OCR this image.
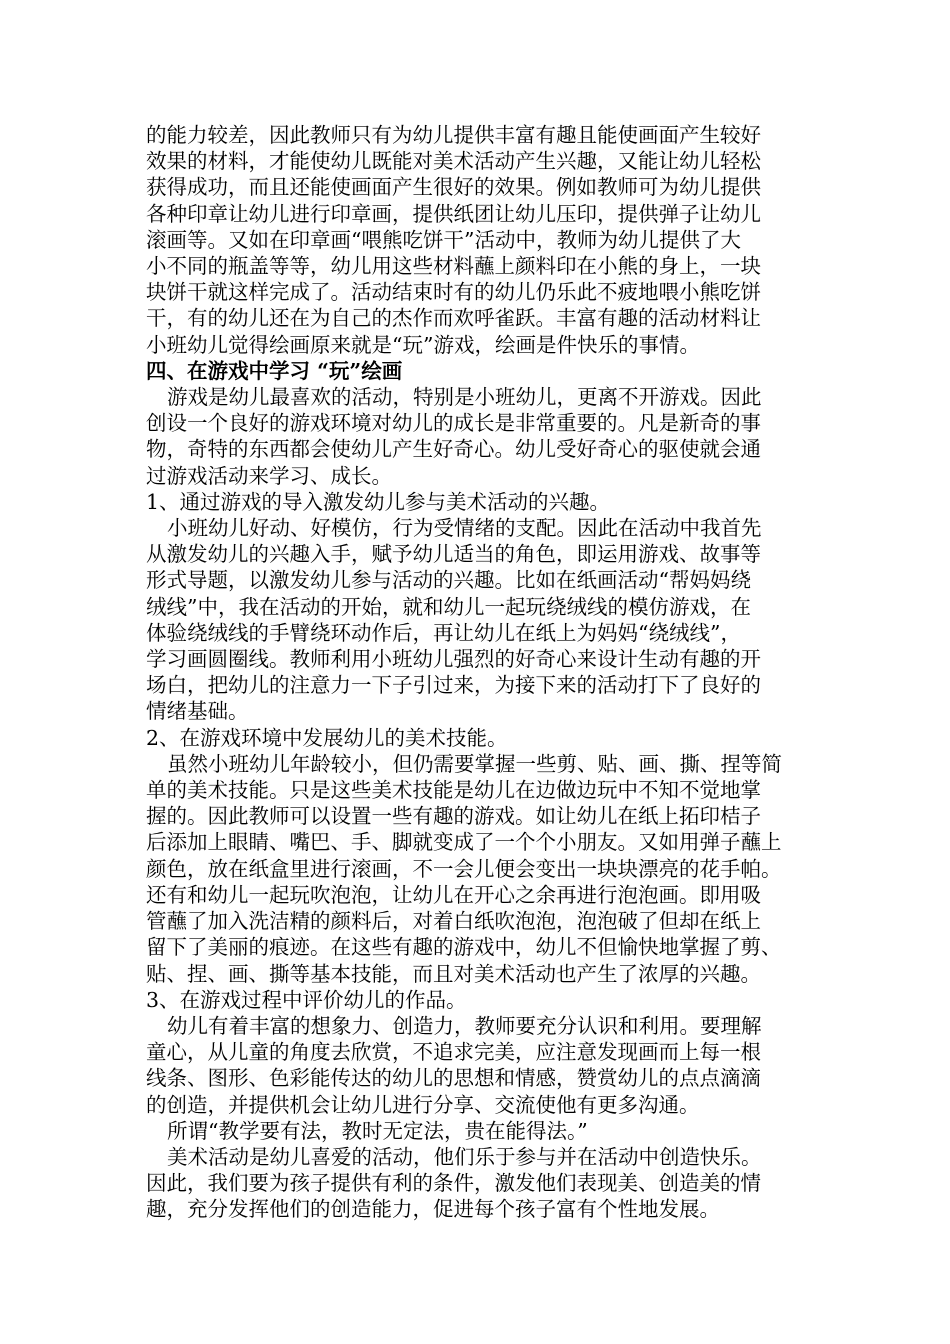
的能力较差，因此教师只有为幼儿提供丰富有趣且能使画面产生较好

效果的材料，才能使幼儿既能对美术活动产生兴趣，又能让幼儿轻松

获得成功，而且还能使画面产生很好的效果。例如教师可为幼儿提供

各种印章让幼儿进行印章画，提供纸团让幼儿压印，提供弹子让幼儿

滚画等。又如在印章画“喂熊吃饼干”活动中，教师为幼儿提供了大

小不同的瓶盖等等，幼儿用这些材料蘸上颜料印在小熊的身上，一块

块饼干就这样完成了。活动结束时有的幼儿仍乐此不疲地喂小熊吃饼

干，有的幼儿还在为自己的杰作而欢呼雀跃。丰富有趣的活动材料让

小班幼儿觉得绘画原来就是“玩”游戏，绘画是件快乐的事情。

四、在游戏中学习 “玩”绘画

游戏是幼儿最喜欢的活动，特别是小班幼儿，更离不开游戏。因此

创设一个良好的游戏环境对幼儿的成长是非常重要的。凡是新奇的事

物，奇特的东西都会使幼儿产生好奇心。幼儿受好奇心的驱使就会通

过游戏活动来学习、成长。

1、通过游戏的导入激发幼儿参与美术活动的兴趣。

小班幼儿好动、好模仿，行为受情绪的支配。因此在活动中我首先

从激发幼儿的兴趣入手，赋予幼儿适当的角色，即运用游戏、故事等

形式导题，以激发幼儿参与活动的兴趣。比如在纸画活动“帮妈妈绕

绒线”中，我在活动的开始，就和幼儿一起玩绕绒线的模仿游戏，在

体验绕绒线的手臂绕环动作后，再让幼儿在纸上为妈妈“绕绒线”，

学习画圆圈线。教师利用小班幼儿强烈的好奇心来设计生动有趣的开

场白，把幼儿的注意力一下子引过来，为接下来的活动打下了良好的

情绪基础。

2、在游戏环境中发展幼儿的美术技能。

虽然小班幼儿年龄较小，但仍需要掌握一些剪、贴、画、撕、捏等简

单的美术技能。只是这些美术技能是幼儿在边做边玩中不知不觉地掌

握的。因此教师可以设置一些有趣的游戏。如让幼儿在纸上拓印桔子

后添加上眼睛、嘴巴、手、脚就变成了一个个小朋友。又如用弹子蘸上

颜色，放在纸盒里进行滚画，不一会儿便会变出一块块漂亮的花手帕。

还有和幼儿一起玩吹泡泡，让幼儿在开心之余再进行泡泡画。即用吸

管蘸了加入洗洁精的颜料后，对着白纸吹泡泡，泡泡破了但却在纸上

留下了美丽的痕迹。在这些有趣的游戏中，幼儿不但愉快地掌握了剪、

贴、捏、画、撕等基本技能，而且对美术活动也产生了浓厚的兴趣。

3、在游戏过程中评价幼儿的作品。

幼儿有着丰富的想象力、创造力，教师要充分认识和利用。要理解

童心，从儿童的角度去欣赏，不追求完美，应注意发现画而上每一根

线条、图形、色彩能传达的幼儿的思想和情感，赞赏幼儿的点点滴滴

的创造，并提供机会让幼儿进行分享、交流使他有更多沟通。

所谓“教学要有法，教时无定法，贵在能得法。”

美术活动是幼儿喜爱的活动，他们乐于参与并在活动中创造快乐。

因此，我们要为孩子提供有利的条件，激发他们表现美、创造美的情

趣，充分发挥他们的创造能力，促进每个孩子富有个性地发展。
